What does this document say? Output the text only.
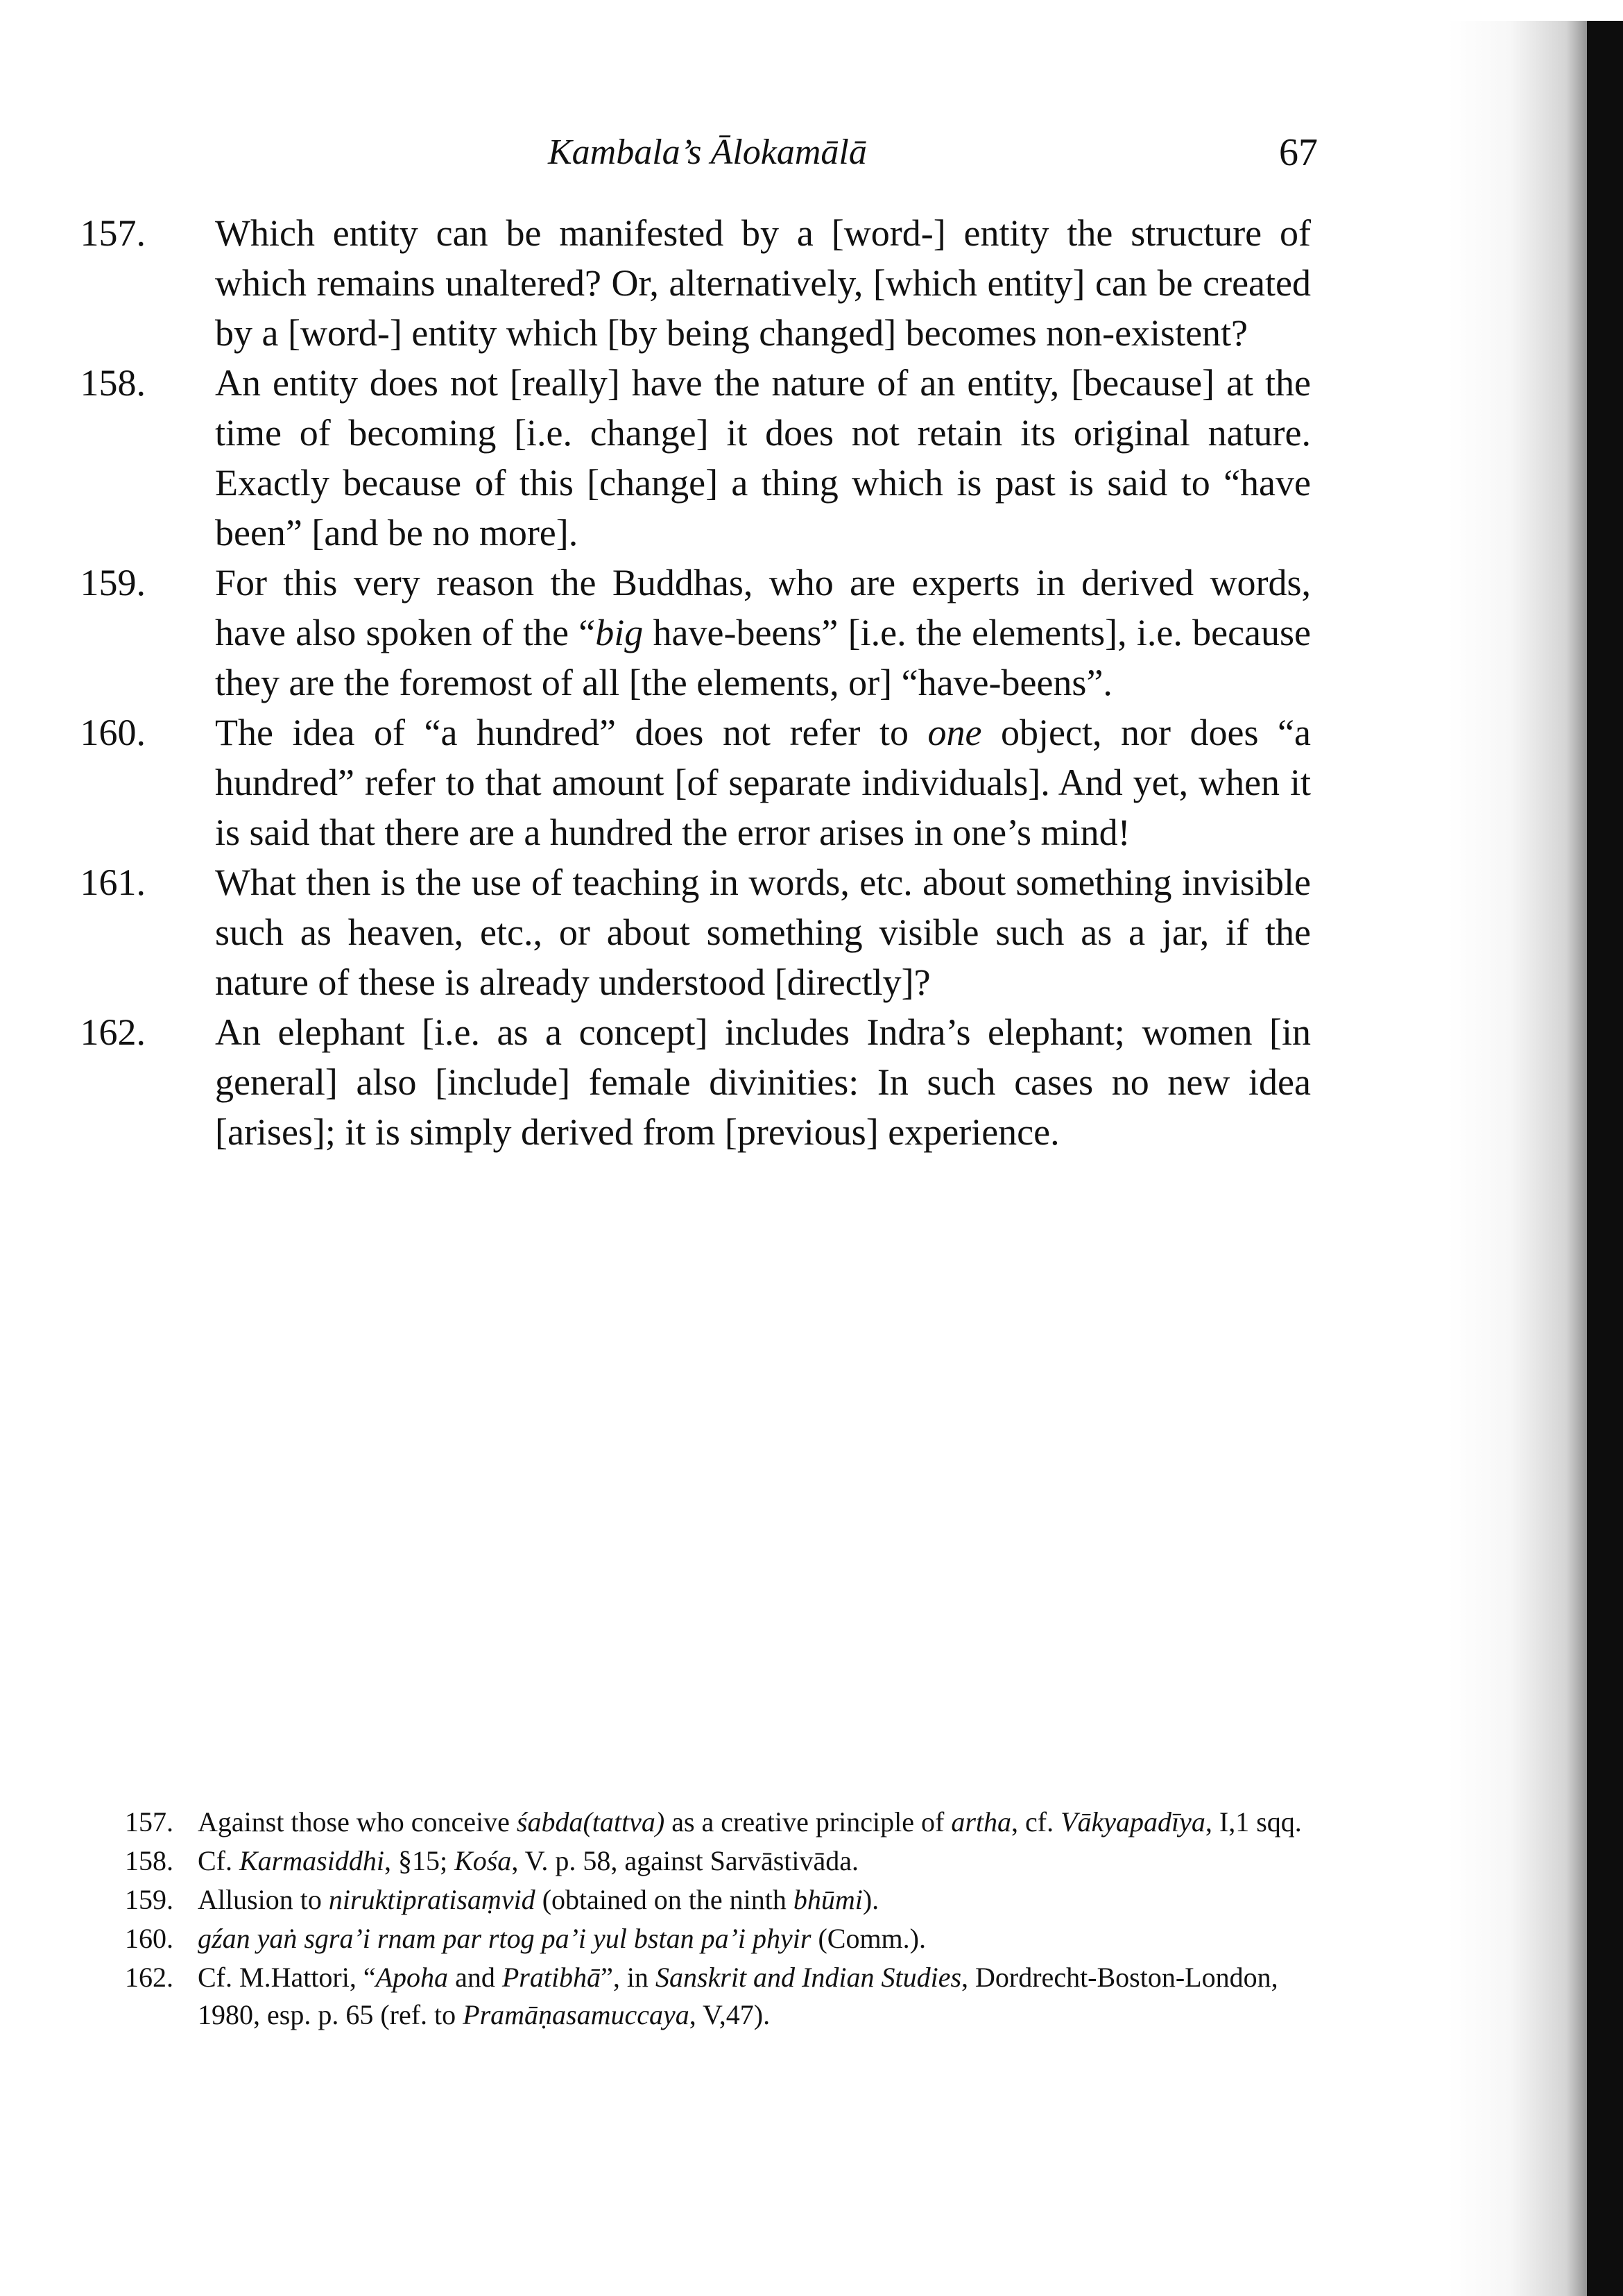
Kambala’s Ālokamālā	67
157. Which entity can be manifested by a [word-] entity the structure of which remains unaltered? Or, alternatively, [which entity] can be created by a [word-] entity which [by being changed] becomes non-existent?
158. An entity does not [really] have the nature of an entity, [because] at the time of becoming [i.e. change] it does not retain its original nature. Exactly because of this [change] a thing which is past is said to “have been” [and be no more].
159. For this very reason the Buddhas, who are experts in derived words, have also spoken of the “big have-beens” [i.e. the elements], i.e. because they are the foremost of all [the elements, or] “have-beens”.
160. The idea of “a hundred” does not refer to one object, nor does “a hundred” refer to that amount [of separate individuals]. And yet, when it is said that there are a hundred the error arises in one’s mind!
161. What then is the use of teaching in words, etc. about something invisible such as heaven, etc., or about something visible such as a jar, if the nature of these is already understood [directly]?
162. An elephant [i.e. as a concept] includes Indra’s elephant; women [in general] also [include] female divinities: In such cases no new idea [arises]; it is simply derived from [previous] experience.
157. Against those who conceive śabda(tattva) as a creative principle of artha, cf. Vākyapadīya, I,1 sqq.
158. Cf. Karmasiddhi, §15; Kośa, V. p. 58, against Sarvāstivāda.
159. Allusion to niruktipratisaṃvid (obtained on the ninth bhūmi).
160. gźan yaṅ sgra’i rnam par rtog pa’i yul bstan pa’i phyir (Comm.).
162. Cf. M.Hattori, “Apoha and Pratibhā”, in Sanskrit and Indian Studies, Dordrecht-Boston-London, 1980, esp. p. 65 (ref. to Pramāṇasamuccaya, V,47).
